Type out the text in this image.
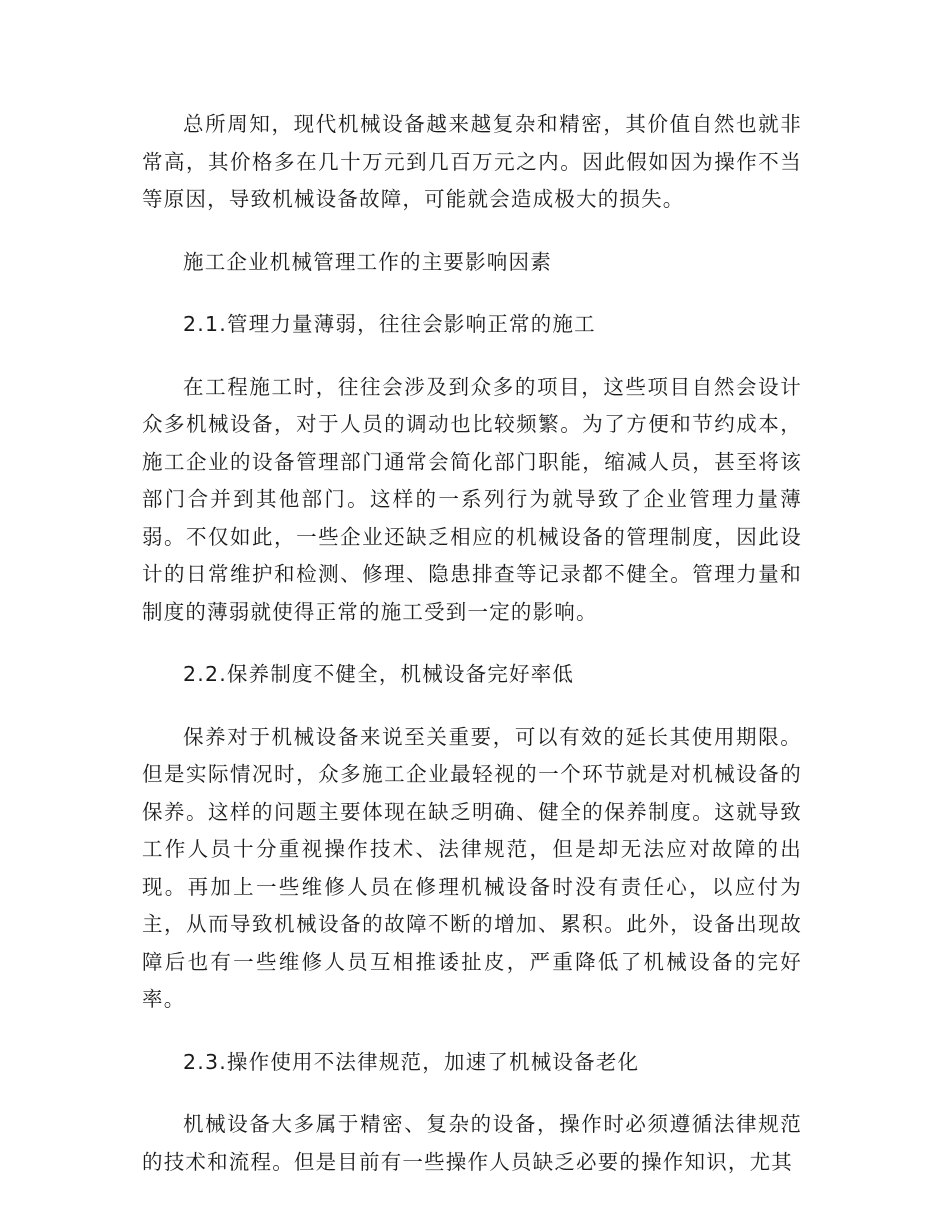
总所周知，现代机械设备越来越复杂和精密，其价值自然也就非常高，其价格多在几十万元到几百万元之内。因此假如因为操作不当等原因，导致机械设备故障，可能就会造成极大的损失。

施工企业机械管理工作的主要影响因素

2.1.管理力量薄弱，往往会影响正常的施工

在工程施工时，往往会涉及到众多的项目，这些项目自然会设计众多机械设备，对于人员的调动也比较频繁。为了方便和节约成本，施工企业的设备管理部门通常会简化部门职能，缩减人员，甚至将该部门合并到其他部门。这样的一系列行为就导致了企业管理力量薄弱。不仅如此，一些企业还缺乏相应的机械设备的管理制度，因此设计的日常维护和检测、修理、隐患排查等记录都不健全。管理力量和制度的薄弱就使得正常的施工受到一定的影响。

2.2.保养制度不健全，机械设备完好率低

保养对于机械设备来说至关重要，可以有效的延长其使用期限。但是实际情况时，众多施工企业最轻视的一个环节就是对机械设备的保养。这样的问题主要体现在缺乏明确、健全的保养制度。这就导致工作人员十分重视操作技术、法律规范，但是却无法应对故障的出现。再加上一些维修人员在修理机械设备时没有责任心，以应付为主，从而导致机械设备的故障不断的增加、累积。此外，设备出现故障后也有一些维修人员互相推诿扯皮，严重降低了机械设备的完好率。

2.3.操作使用不法律规范，加速了机械设备老化

机械设备大多属于精密、复杂的设备，操作时必须遵循法律规范的技术和流程。但是目前有一些操作人员缺乏必要的操作知识，尤其
